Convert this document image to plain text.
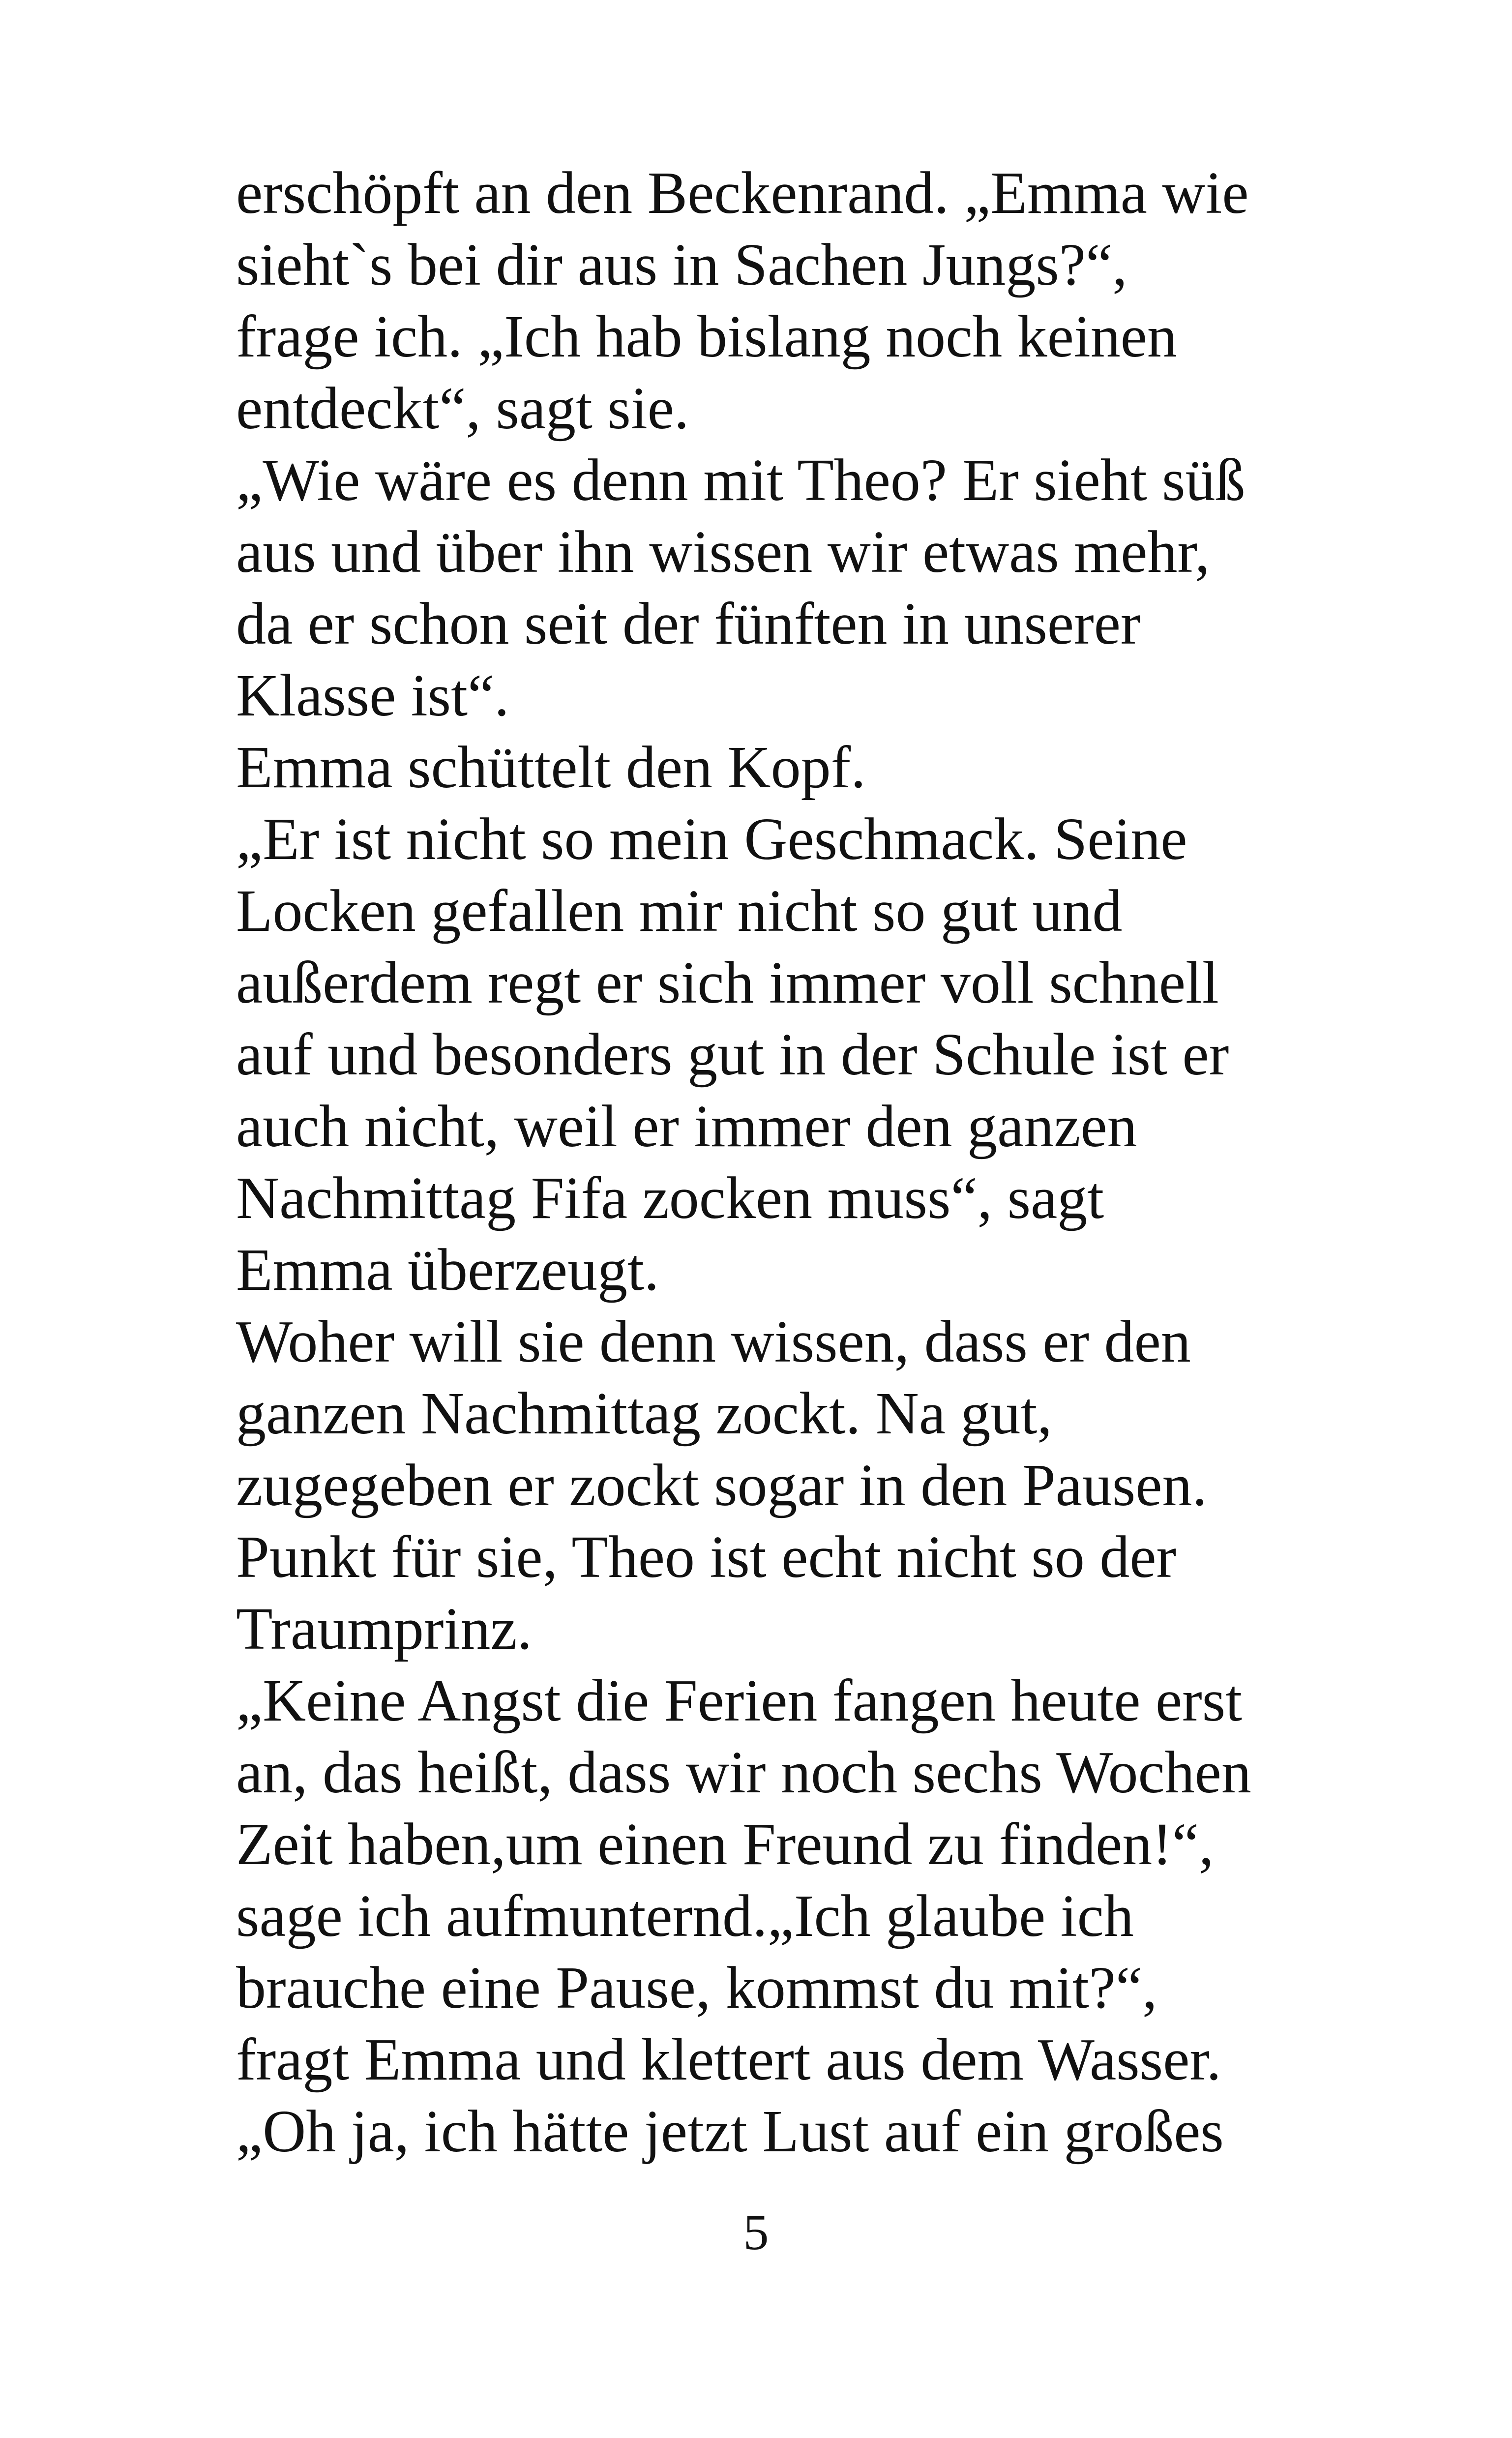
erschöpft an den Beckenrand. „Emma wie
sieht`s bei dir aus in Sachen Jungs?“,
frage ich. „Ich hab bislang noch keinen
entdeckt“, sagt sie.
„Wie wäre es denn mit Theo? Er sieht süß
aus und über ihn wissen wir etwas mehr,
da er schon seit der fünften in unserer
Klasse ist“.
Emma schüttelt den Kopf.
„Er ist nicht so mein Geschmack. Seine
Locken gefallen mir nicht so gut und
außerdem regt er sich immer voll schnell
auf und besonders gut in der Schule ist er
auch nicht, weil er immer den ganzen
Nachmittag Fifa zocken muss“, sagt
Emma überzeugt.
Woher will sie denn wissen, dass er den
ganzen Nachmittag zockt. Na gut,
zugegeben er zockt sogar in den Pausen.
Punkt für sie, Theo ist echt nicht so der
Traumprinz.
„Keine Angst die Ferien fangen heute erst
an, das heißt, dass wir noch sechs Wochen
Zeit haben,um einen Freund zu finden!“,
sage ich aufmunternd.„Ich glaube ich
brauche eine Pause, kommst du mit?“,
fragt Emma und klettert aus dem Wasser.
„Oh ja, ich hätte jetzt Lust auf ein großes
5
